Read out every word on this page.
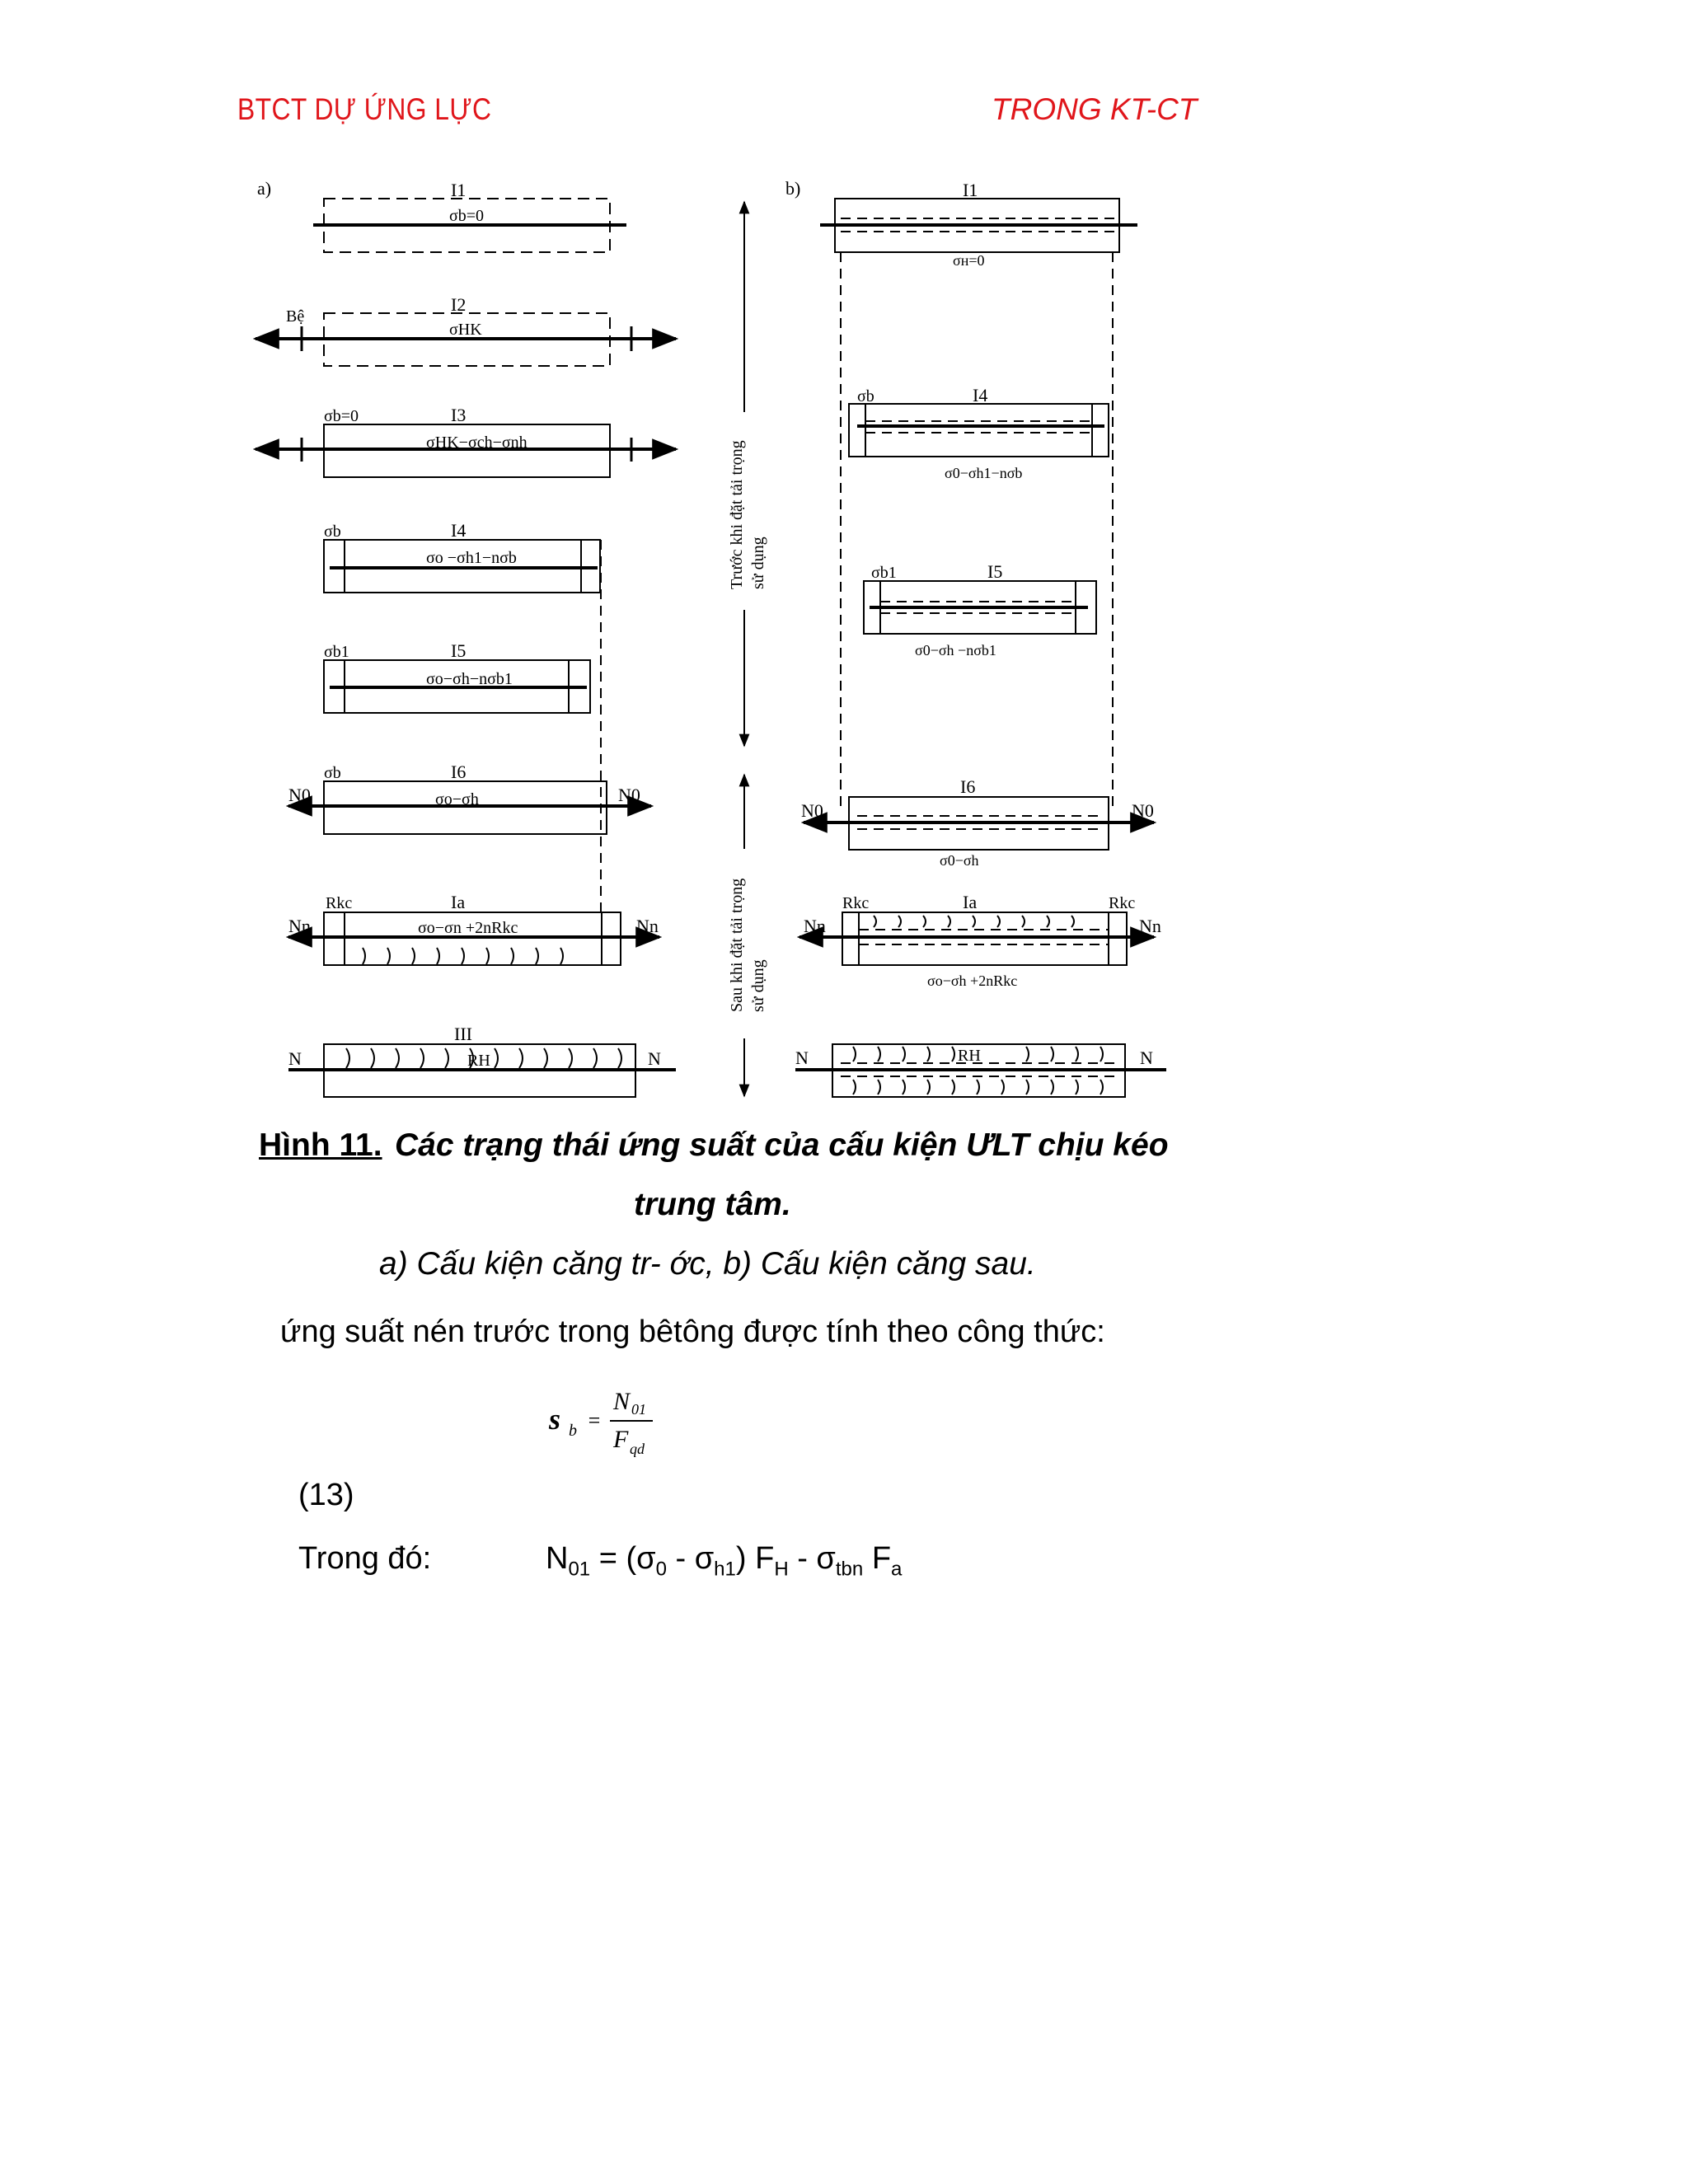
BTCT DỰ ỨNG LỰC	TRONG KT-CT
a)	I1
σb=0
I2
σHK
Bệ
I3
σb=0
σHK−σch−σnh
I4
σb
σo −σh1−nσb
I5
σb1
σo−σh−nσb1
I6
σb
σo−σh
N0	N0
Ia
Rkc
σo−σn +2nRkc
Nn	Nn
III
RH
N	N
Trước khi đặt tải trọng sử dụng
Sau khi đặt tải trọng sử dụng
b)	I1
σн=0
I4
σb
σ0−σh1−nσb
I5
σb1
σ0−σh −nσb1
I6
σ0−σh
N0	N0
Ia
Rkc	Rkc
σo−σh +2nRkc
Nn	Nn
RH
N	N
Hình 11. Các trạng thái ứng suất của cấu kiện ƯLT chịu kéo
trung tâm.
a) Cấu kiện căng tr- ớc, b) Cấu kiện căng sau.
ứng suất nén trước trong bêtông được tính theo công thức:
s b =
N 01
F qd
(13)
Trong đó:	$N_{01} = (\sigma_0 - \sigma_{h1})$ $F_H - \sigma_{tbn}$ $F_a$
